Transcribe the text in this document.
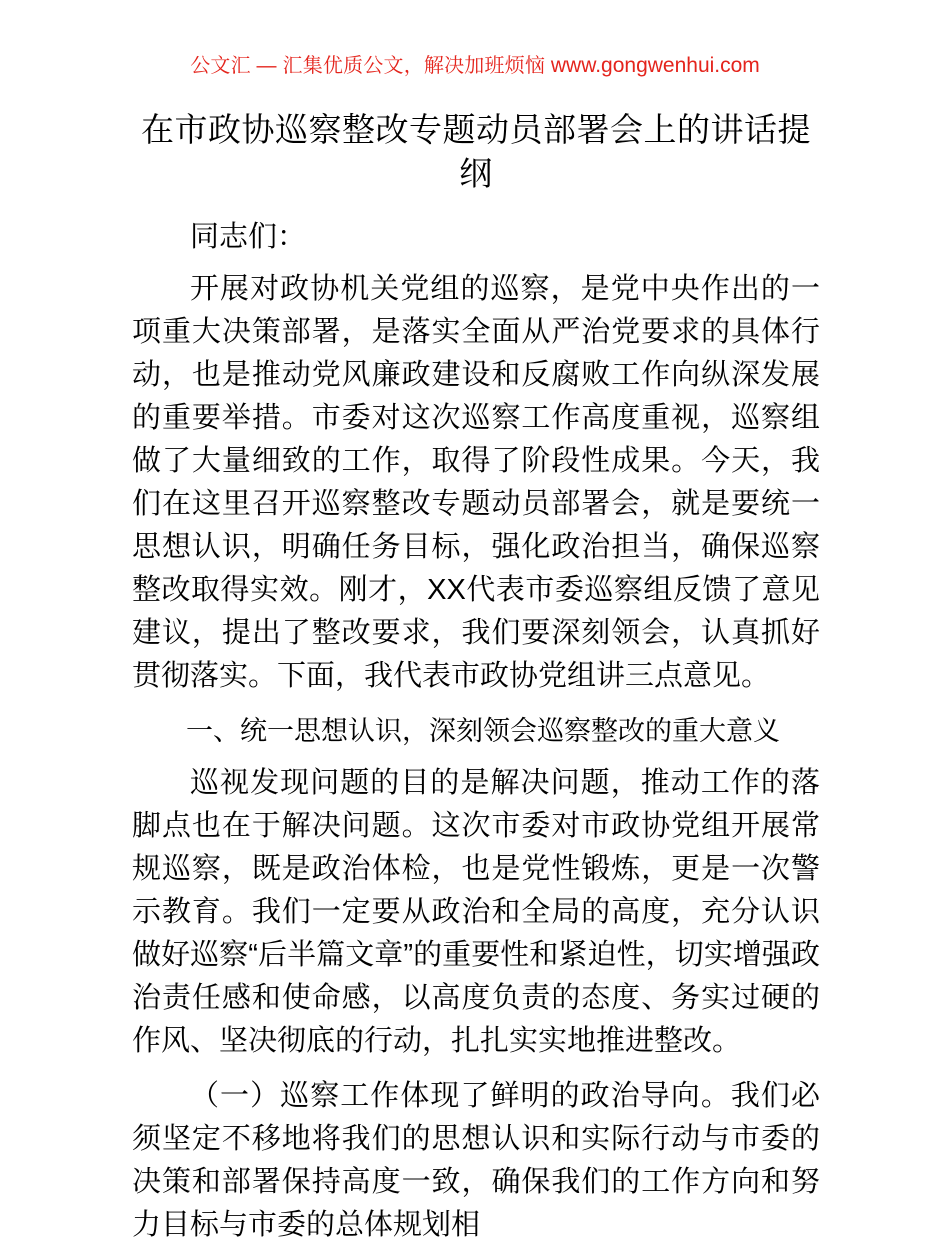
公文汇 — 汇集优质公文，解决加班烦恼 www.gongwenhui.com
在市政协巡察整改专题动员部署会上的讲话提纲

同志们：

开展对政协机关党组的巡察，是党中央作出的一项重大决策部署，是落实全面从严治党要求的具体行动，也是推动党风廉政建设和反腐败工作向纵深发展的重要举措。市委对这次巡察工作高度重视，巡察组做了大量细致的工作，取得了阶段性成果。今天，我们在这里召开巡察整改专题动员部署会，就是要统一思想认识，明确任务目标，强化政治担当，确保巡察整改取得实效。刚才，XX代表市委巡察组反馈了意见建议，提出了整改要求，我们要深刻领会，认真抓好贯彻落实。下面，我代表市政协党组讲三点意见。

一、统一思想认识，深刻领会巡察整改的重大意义

巡视发现问题的目的是解决问题，推动工作的落脚点也在于解决问题。这次市委对市政协党组开展常规巡察，既是政治体检，也是党性锻炼，更是一次警示教育。我们一定要从政治和全局的高度，充分认识做好巡察“后半篇文章”的重要性和紧迫性，切实增强政治责任感和使命感，以高度负责的态度、务实过硬的作风、坚决彻底的行动，扎扎实实地推进整改。

（一）巡察工作体现了鲜明的政治导向。我们必须坚定不移地将我们的思想认识和实际行动与市委的决策和部署保持高度一致，确保我们的工作方向和努力目标与市委的总体规划相
